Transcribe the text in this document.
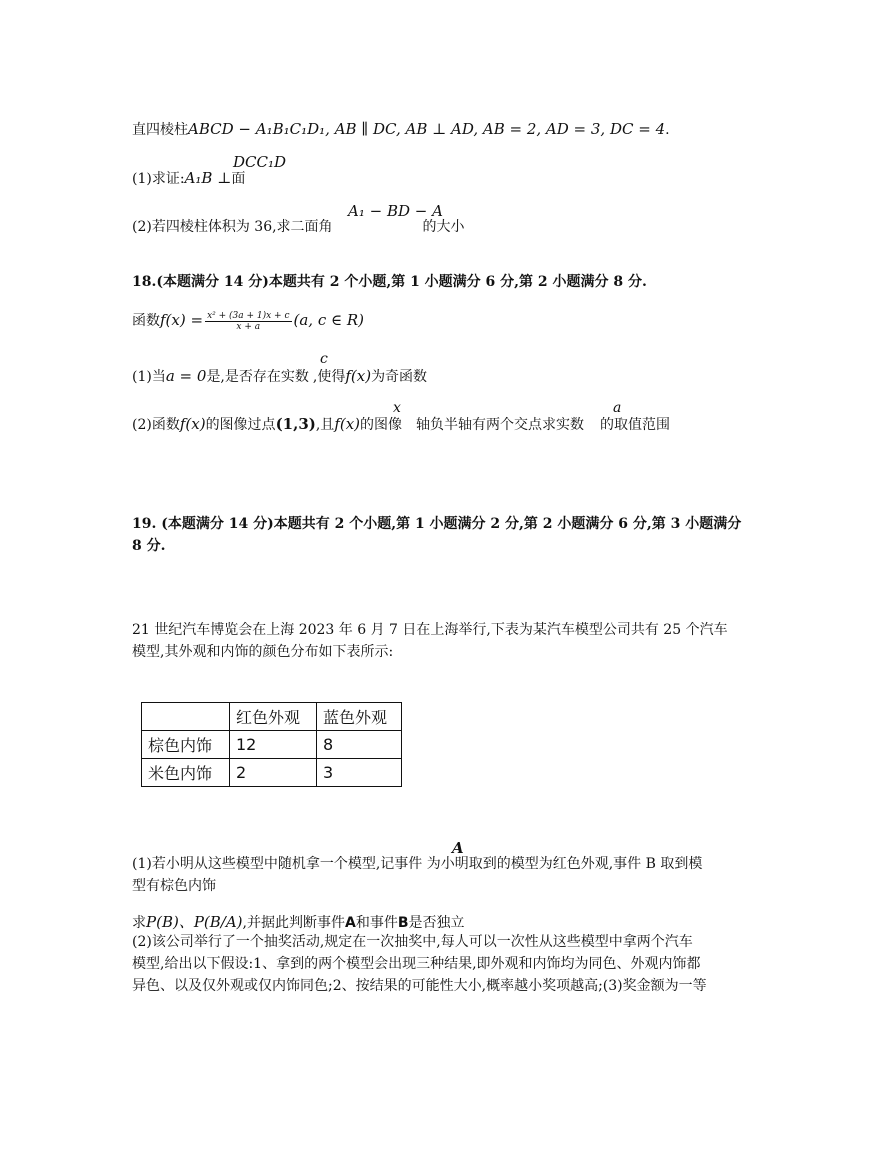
直四棱柱ABCD − A₁B₁C₁D₁, AB ∥ DC, AB ⊥ AD, AB = 2, AD = 3, DC = 4.
DCC₁D
(1)求证:A₁B ⊥面
A₁ − BD − A
(2)若四棱柱体积为 36,求二面角	的大小
18.(本题满分 14 分)本题共有 2 个小题,第 1 小题满分 6 分,第 2 小题满分 8 分.
函数$f(x) = \frac{\text{x² + (3a + 1)x + c}}{x + a} (a$, c ∈ R)
c
(1)当a = 0是,是否存在实数 ,使得f(x)为奇函数
x	a
(2)函数f(x)的图像过点(1,3),且f(x)的图像 轴负半轴有两个交点求实数 的取值范围
19. (本题满分 14 分)本题共有 2 个小题,第 1 小题满分 2 分,第 2 小题满分 6 分,第 3 小题满分
8 分.
21 世纪汽车博览会在上海 2023 年 6 月 7 日在上海举行,下表为某汽车模型公司共有 25 个汽车
模型,其外观和内饰的颜色分布如下表所示:
	红色外观	蓝色外观
棕色内饰	12	8
米色内饰	2	3
A
(1)若小明从这些模型中随机拿一个模型,记事件 为小明取到的模型为红色外观,事件 B 取到模
型有棕色内饰
求P(B)、P(B/A),并据此判断事件A和事件B是否独立
(2)该公司举行了一个抽奖活动,规定在一次抽奖中,每人可以一次性从这些模型中拿两个汽车
模型,给出以下假设:1、拿到的两个模型会出现三种结果,即外观和内饰均为同色、外观内饰都
异色、以及仅外观或仅内饰同色;2、按结果的可能性大小,概率越小奖项越高;(3)奖金额为一等
